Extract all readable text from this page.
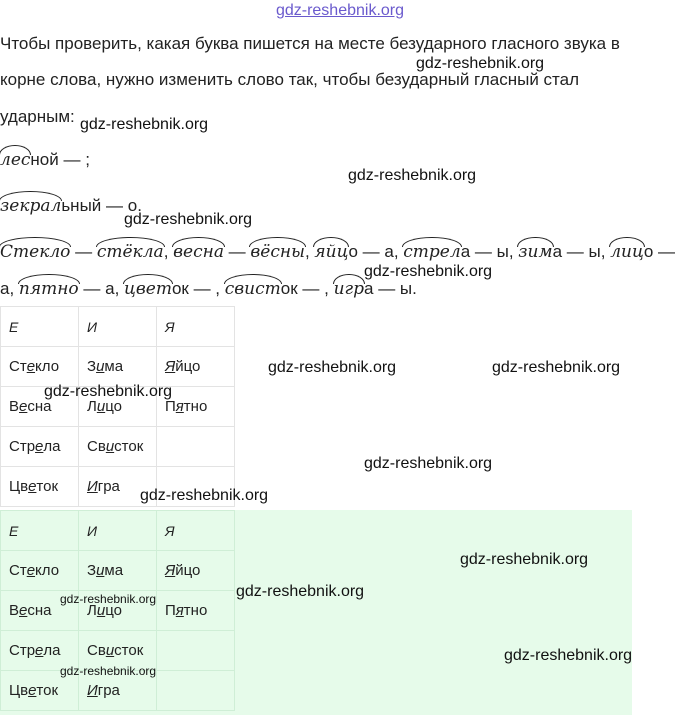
gdz-reshebnik.org
Чтобы проверить, какая буква пишется на месте безударного гласного звука в
корне слова, нужно изменить слово так, чтобы безударный гласный стал
ударным:
лесной — ;
зекральный — о.
Стекло — стёкла, весна — вёсны, яйцо — а, стрела — ы, зима — ы, лицо —
а, пятно — а, цветок — , свисток — , игра — ы.
Е	И	Я
Стекло	Зима	Яйцо
Весна	Лицо	Пятно
Стрела	Свисток	
Цветок	Игра	
Е	И	Я
Стекло	Зима	Яйцо
Весна	Лицо	Пятно
Стрела	Свисток	
Цветок	Игра	
gdz-reshebnik.org
gdz-reshebnik.org
gdz-reshebnik.org
gdz-reshebnik.org
gdz-reshebnik.org
gdz-reshebnik.org	gdz-reshebnik.org
gdz-reshebnik.org
gdz-reshebnik.org
gdz-reshebnik.org
gdz-reshebnik.org
gdz-reshebnik.org
gdz-reshebnik.org
gdz-reshebnik.org
gdz-reshebnik.org
